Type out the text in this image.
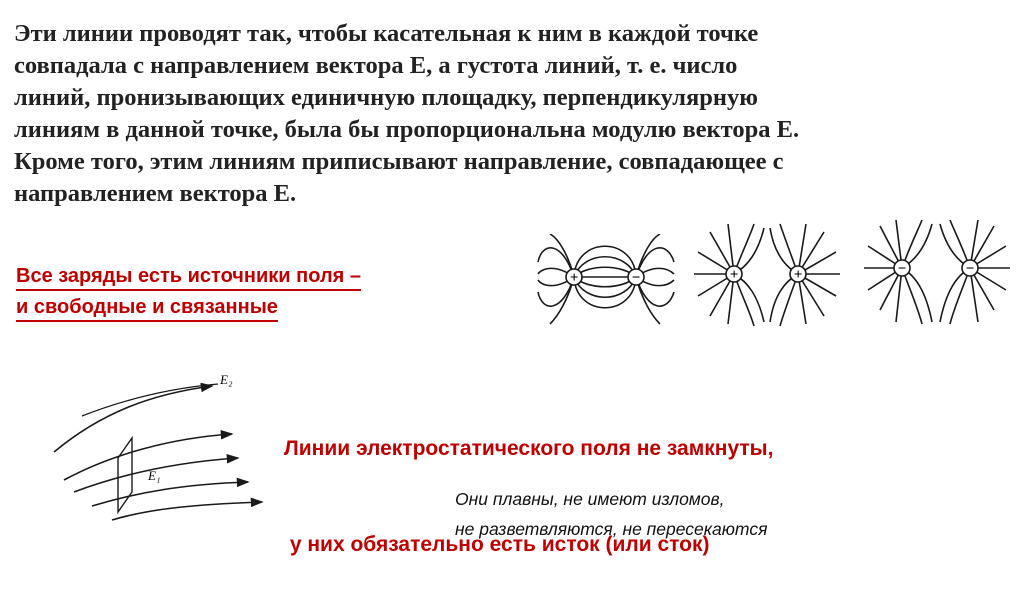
Эти линии проводят так, чтобы касательная к ним в каждой точке
совпадала с направлением вектора Е, а густота линий, т. е. число
линий, пронизывающих единичную площадку, перпендикулярную
линиям в данной точке, была бы пропорциональна модулю вектора Е.
Кроме того, этим линиям приписывают направление, совпадающее с
направлением вектора Е.
Все заряды есть источники поля –
и свободные и связанные
+	−	+	+	−	−
E₂
E₁

Линии электростатического поля не замкнуты,

у них обязательно есть исток (или сток)

Они плавны, не имеют изломов,
не разветвляются, не пересекаются
